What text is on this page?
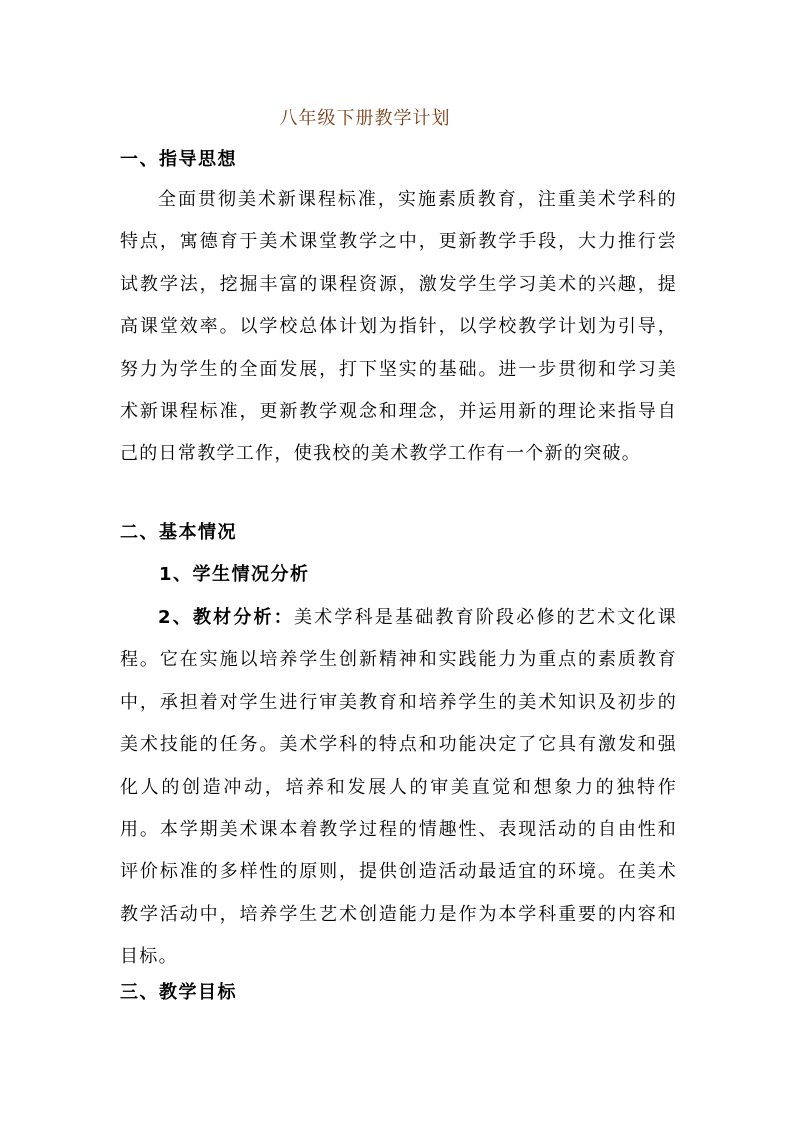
八年级下册教学计划
一、指导思想

全面贯彻美术新课程标准，实施素质教育，注重美术学科的特点，寓德育于美术课堂教学之中，更新教学手段，大力推行尝试教学法，挖掘丰富的课程资源，激发学生学习美术的兴趣，提高课堂效率。以学校总体计划为指针，以学校教学计划为引导，努力为学生的全面发展，打下坚实的基础。进一步贯彻和学习美术新课程标准，更新教学观念和理念，并运用新的理论来指导自己的日常教学工作，使我校的美术教学工作有一个新的突破。

二、基本情况
1、学生情况分析

2、教材分析：美术学科是基础教育阶段必修的艺术文化课程。它在实施以培养学生创新精神和实践能力为重点的素质教育中，承担着对学生进行审美教育和培养学生的美术知识及初步的美术技能的任务。美术学科的特点和功能决定了它具有激发和强化人的创造冲动，培养和发展人的审美直觉和想象力的独特作用。本学期美术课本着教学过程的情趣性、表现活动的自由性和评价标准的多样性的原则，提供创造活动最适宜的环境。在美术教学活动中，培养学生艺术创造能力是作为本学科重要的内容和目标。

三、教学目标
